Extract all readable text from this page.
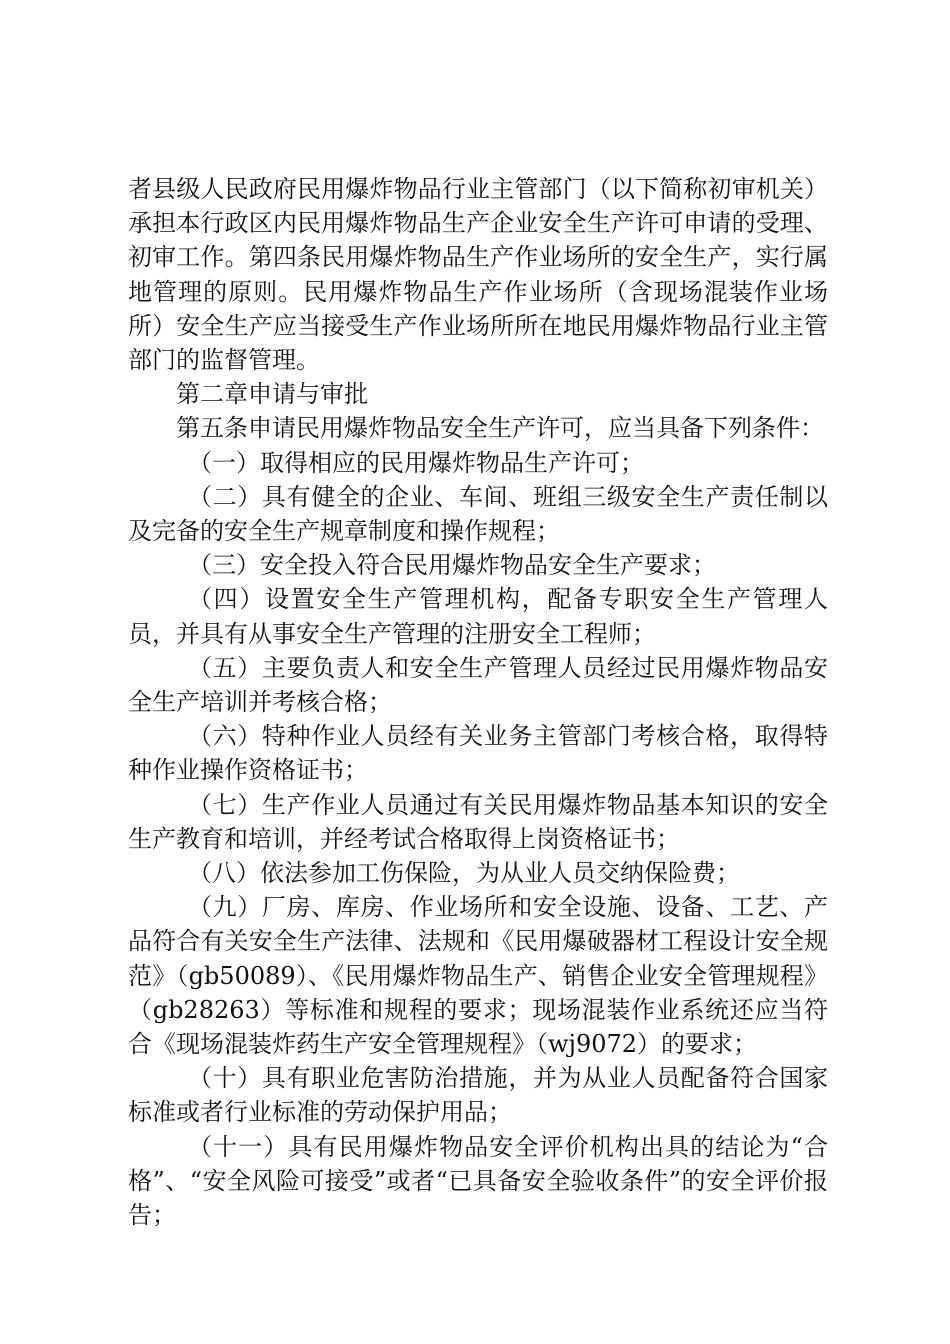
者县级人民政府民用爆炸物品行业主管部门（以下简称初审机关）承担本行政区内民用爆炸物品生产企业安全生产许可申请的受理、初审工作。第四条民用爆炸物品生产作业场所的安全生产，实行属地管理的原则。民用爆炸物品生产作业场所（含现场混装作业场所）安全生产应当接受生产作业场所所在地民用爆炸物品行业主管部门的监督管理。

第二章申请与审批

第五条申请民用爆炸物品安全生产许可，应当具备下列条件：

（一）取得相应的民用爆炸物品生产许可；

（二）具有健全的企业、车间、班组三级安全生产责任制以及完备的安全生产规章制度和操作规程；

（三）安全投入符合民用爆炸物品安全生产要求；

（四）设置安全生产管理机构，配备专职安全生产管理人员，并具有从事安全生产管理的注册安全工程师；

（五）主要负责人和安全生产管理人员经过民用爆炸物品安全生产培训并考核合格；

（六）特种作业人员经有关业务主管部门考核合格，取得特种作业操作资格证书；

（七）生产作业人员通过有关民用爆炸物品基本知识的安全生产教育和培训，并经考试合格取得上岗资格证书；

（八）依法参加工伤保险，为从业人员交纳保险费；

（九）厂房、库房、作业场所和安全设施、设备、工艺、产品符合有关安全生产法律、法规和《民用爆破器材工程设计安全规范》（gb50089）、《民用爆炸物品生产、销售企业安全管理规程》（gb28263）等标准和规程的要求；现场混装作业系统还应当符合《现场混装炸药生产安全管理规程》（wj9072）的要求；

（十）具有职业危害防治措施，并为从业人员配备符合国家标准或者行业标准的劳动保护用品；

（十一）具有民用爆炸物品安全评价机构出具的结论为“合格”、“安全风险可接受”或者“已具备安全验收条件”的安全评价报告；
